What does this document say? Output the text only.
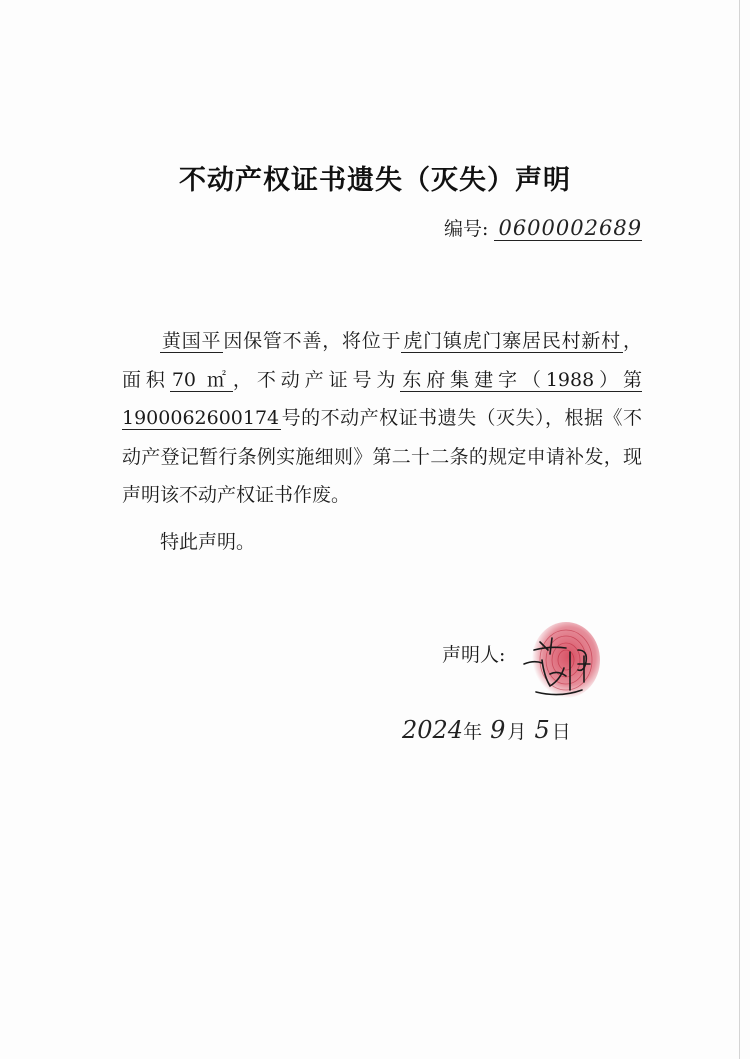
不动产权证书遗失（灭失）声明
编号: 0600002689

黄国平 因保管不善，将位于 虎门镇虎门寨居民村新村 ，面积 70 ㎡ ，不动产证号为 东府集建字（1988）第1900062600174 号的不动产权证书遗失（灭失），根据《不动产登记暂行条例实施细则》第二十二条的规定申请补发，现声明该不动产权证书作废。

特此声明。

声明人:
2024年 9 月 5 日
